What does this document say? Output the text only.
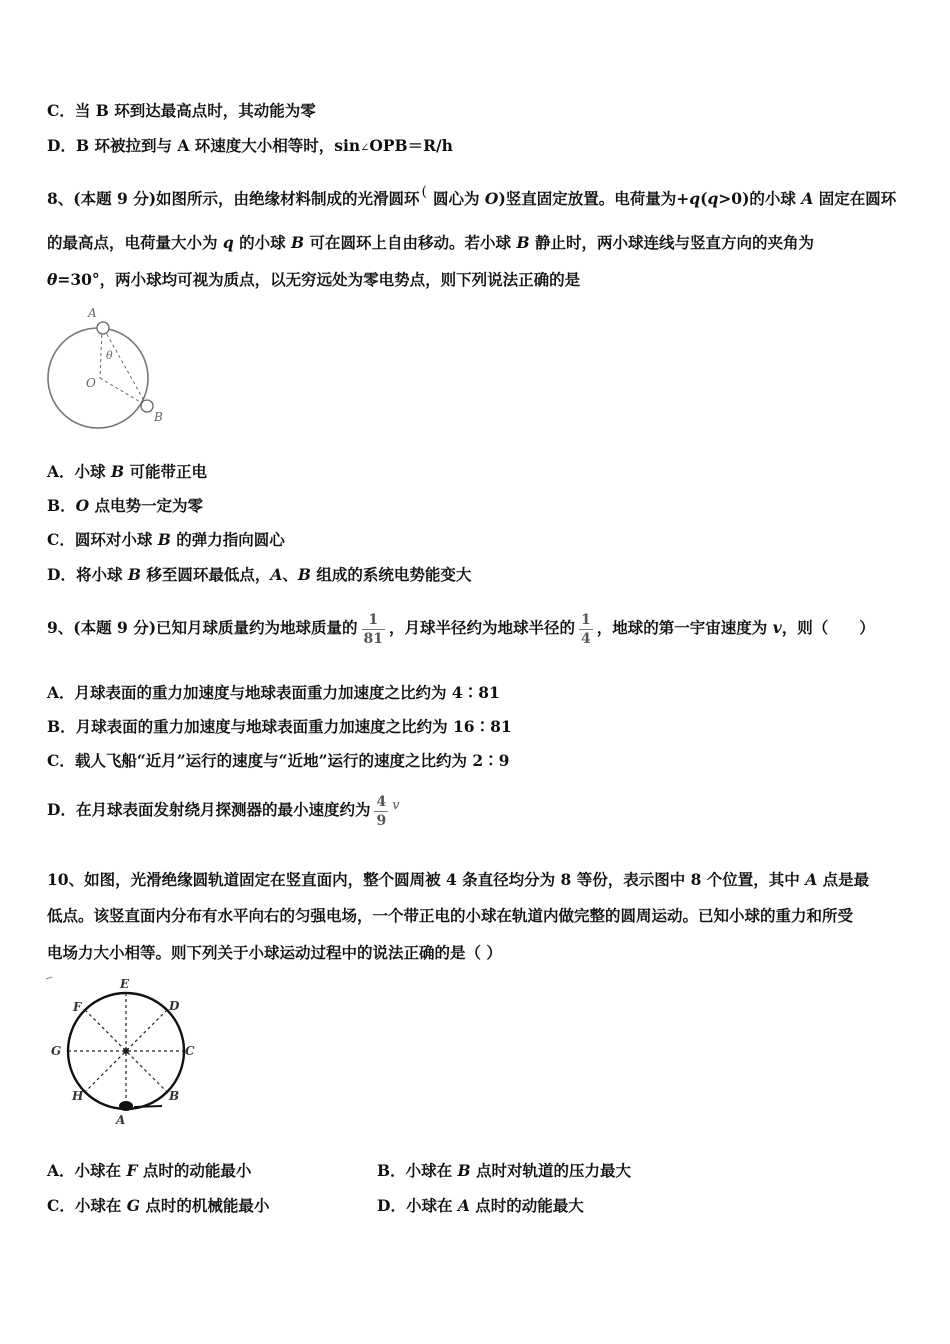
C．当 B 环到达最高点时，其动能为零
D．B 环被拉到与 A 环速度大小相等时，sin∠OPB＝R/h
8、(本题 9 分)如图所示，由绝缘材料制成的光滑圆环 ( 圆心为 O)竖直固定放置。电荷量为+q(q>0)的小球 A 固定在圆环
的最高点，电荷量大小为 q 的小球 B 可在圆环上自由移动。若小球 B 静止时，两小球连线与竖直方向的夹角为
θ=30°，两小球均可视为质点，以无穷远处为零电势点，则下列说法正确的是
A
θ
O
B
A．小球 B 可能带正电
B．O 点电势一定为零
C．圆环对小球 B 的弹力指向圆心
D．将小球 B 移至圆环最低点，A、B 组成的系统电势能变大
9、(本题 9 分)已知月球质量约为地球质量的 $\frac{1}{81}$ ，月球半径约为地球半径的 $\frac{1}{4}$ ，地球的第一宇宙速度为 v，则（　　）
A．月球表面的重力加速度与地球表面重力加速度之比约为 4∶81
B．月球表面的重力加速度与地球表面重力加速度之比约为 16∶81
C．载人飞船“近月”运行的速度与“近地”运行的速度之比约为 2∶9
D．在月球表面发射绕月探测器的最小速度约为 $\frac{4}{9} ^v$
10、如图，光滑绝缘圆轨道固定在竖直面内，整个圆周被 4 条直径均分为 8 等份，表示图中 8 个位置，其中 A 点是最
低点。该竖直面内分布有水平向右的匀强电场，一个带正电的小球在轨道内做完整的圆周运动。已知小球的重力和所受
电场力大小相等。则下列关于小球运动过程中的说法正确的是（ ）
E
D
F
G	C
H	B
A
A．小球在 F 点时的动能最小	B．小球在 B 点时对轨道的压力最大
C．小球在 G 点时的机械能最小	D．小球在 A 点时的动能最大
